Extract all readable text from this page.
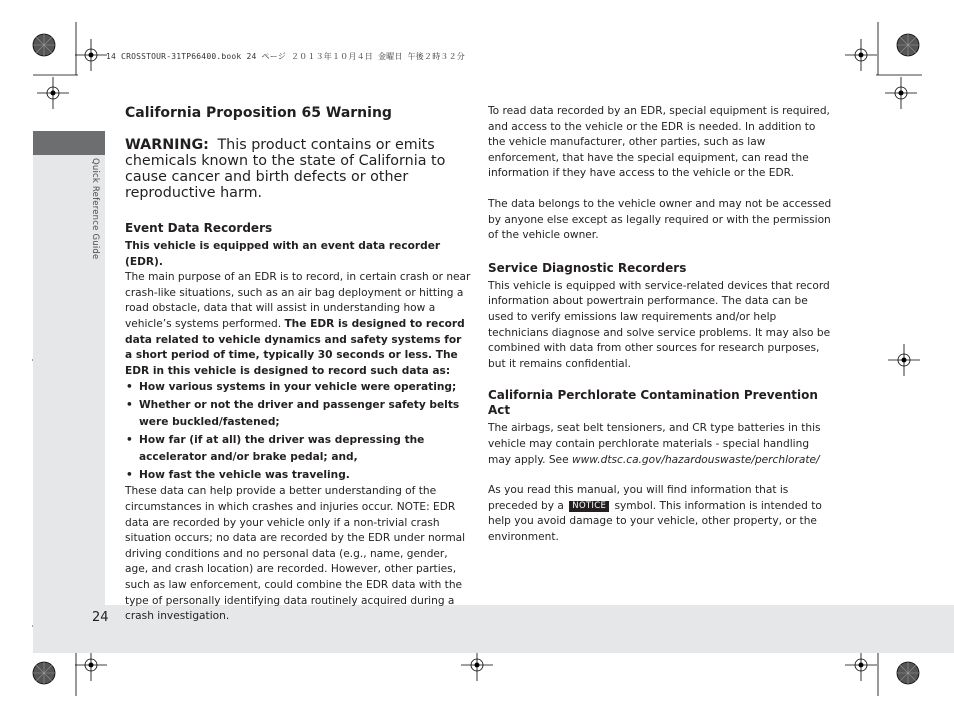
14 CROSSTOUR-31TP66400.book 24 ページ ２０１３年１０月４日 金曜日 午後２時３２分
Quick Reference Guide
24
California Proposition 65 Warning

WARNING: This product contains or emits chemicals known to the state of California to cause cancer and birth defects or other reproductive harm.

Event Data Recorders

This vehicle is equipped with an event data recorder (EDR).

The main purpose of an EDR is to record, in certain crash or near crash-like situations, such as an air bag deployment or hitting a road obstacle, data that will assist in understanding how a vehicle’s systems performed. The EDR is designed to record data related to vehicle dynamics and safety systems for a short period of time, typically 30 seconds or less. The EDR in this vehicle is designed to record such data as:

• How various systems in your vehicle were operating;
• Whether or not the driver and passenger safety belts were buckled/fastened;
• How far (if at all) the driver was depressing the accelerator and/or brake pedal; and,
• How fast the vehicle was traveling.

These data can help provide a better understanding of the circumstances in which crashes and injuries occur. NOTE: EDR data are recorded by your vehicle only if a non-trivial crash situation occurs; no data are recorded by the EDR under normal driving conditions and no personal data (e.g., name, gender, age, and crash location) are recorded. However, other parties, such as law enforcement, could combine the EDR data with the type of personally identifying data routinely acquired during a crash investigation.

To read data recorded by an EDR, special equipment is required, and access to the vehicle or the EDR is needed. In addition to the vehicle manufacturer, other parties, such as law enforcement, that have the special equipment, can read the information if they have access to the vehicle or the EDR.

The data belongs to the vehicle owner and may not be accessed by anyone else except as legally required or with the permission of the vehicle owner.

Service Diagnostic Recorders

This vehicle is equipped with service-related devices that record information about powertrain performance. The data can be used to verify emissions law requirements and/or help technicians diagnose and solve service problems. It may also be combined with data from other sources for research purposes, but it remains confidential.

California Perchlorate Contamination Prevention Act

The airbags, seat belt tensioners, and CR type batteries in this vehicle may contain perchlorate materials - special handling may apply. See www.dtsc.ca.gov/hazardouswaste/perchlorate/

As you read this manual, you will find information that is preceded by a NOTICE symbol. This information is intended to help you avoid damage to your vehicle, other property, or the environment.
